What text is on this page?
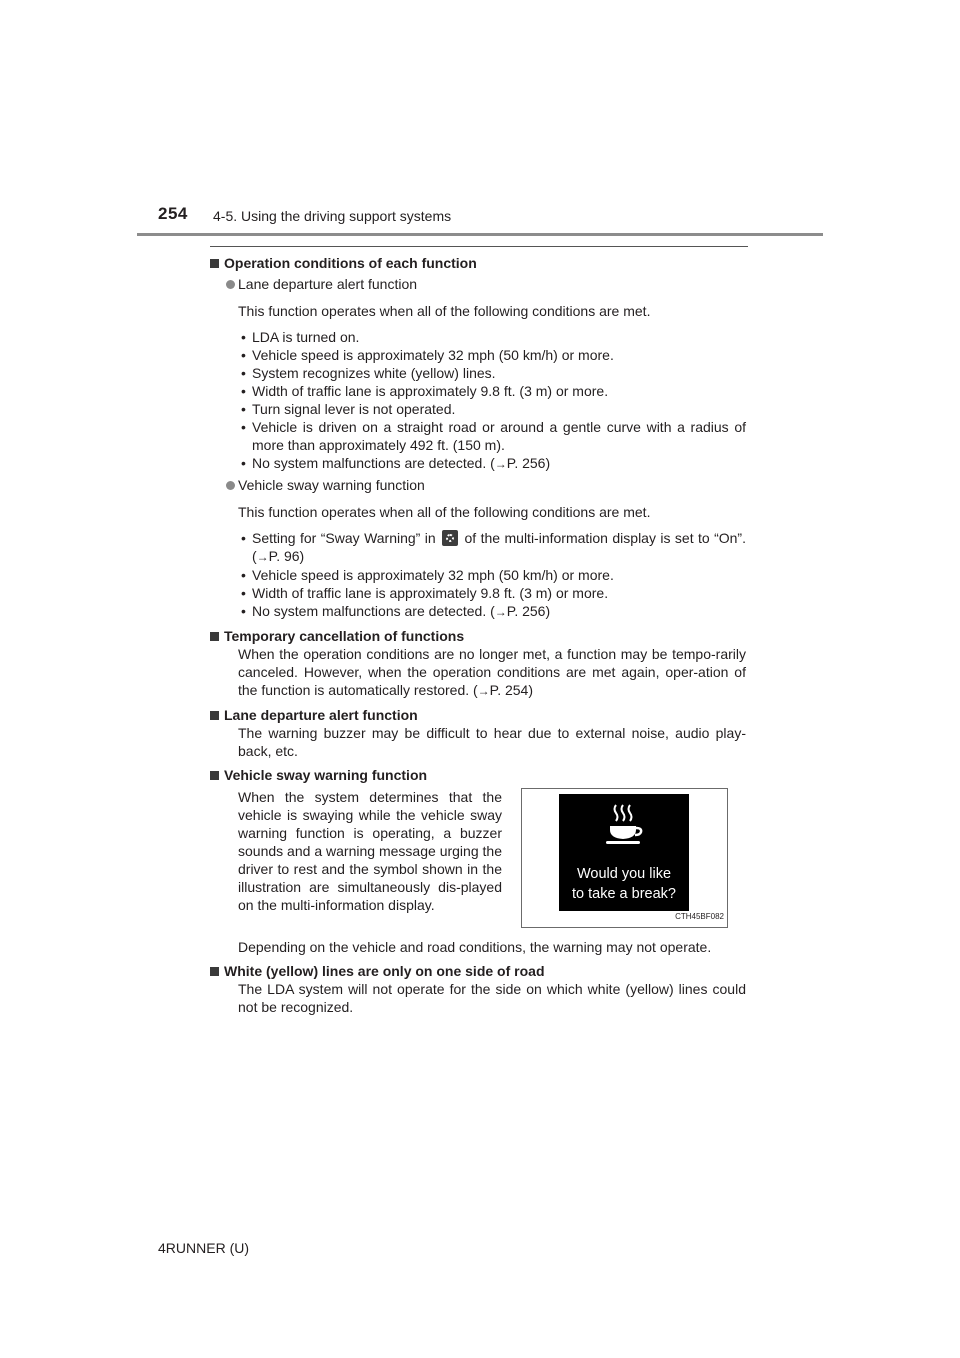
254 4-5. Using the driving support systems
Operation conditions of each function
Lane departure alert function
This function operates when all of the following conditions are met.
• LDA is turned on.
• Vehicle speed is approximately 32 mph (50 km/h) or more.
• System recognizes white (yellow) lines.
• Width of traffic lane is approximately 9.8 ft. (3 m) or more.
• Turn signal lever is not operated.
• Vehicle is driven on a straight road or around a gentle curve with a radius of more than approximately 492 ft. (150 m).
• No system malfunctions are detected. (→P. 256)
Vehicle sway warning function
This function operates when all of the following conditions are met.
• Setting for “Sway Warning” in of the multi-information display is set to “On”. (→P. 96)
• Vehicle speed is approximately 32 mph (50 km/h) or more.
• Width of traffic lane is approximately 9.8 ft. (3 m) or more.
• No system malfunctions are detected. (→P. 256)
Temporary cancellation of functions
When the operation conditions are no longer met, a function may be tempo-rarily canceled. However, when the operation conditions are met again, oper-ation of the function is automatically restored. (→P. 254)
Lane departure alert function
The warning buzzer may be difficult to hear due to external noise, audio play-back, etc.
Vehicle sway warning function
When the system determines that the vehicle is swaying while the vehicle sway warning function is operating, a buzzer sounds and a warning message urging the driver to rest and the symbol shown in the illustration are simultaneously dis-played on the multi-information display.
Would you like
to take a break?
CTH45BF082
Depending on the vehicle and road conditions, the warning may not operate.
White (yellow) lines are only on one side of road
The LDA system will not operate for the side on which white (yellow) lines could not be recognized.
4RUNNER (U)
